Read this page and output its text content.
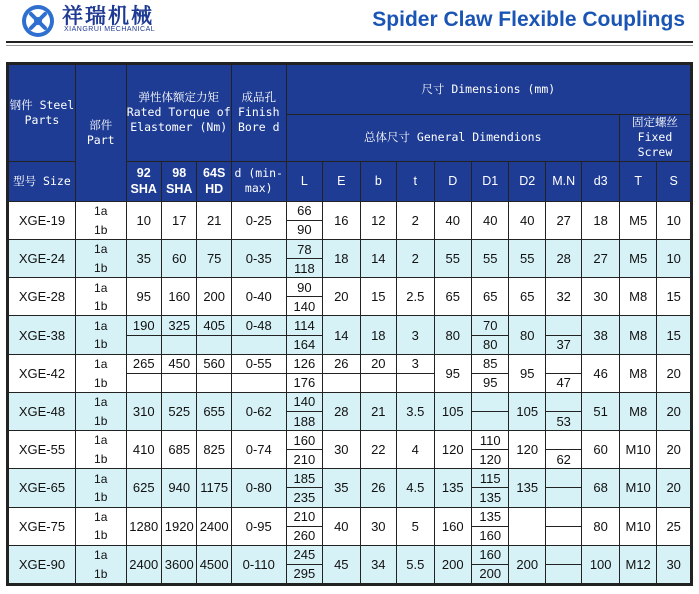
祥瑞机械
XIANGRUI MECHANICAL	Spider Claw Flexible Couplings
钢件 Steel Parts	部件 Part	弹性体额定力矩 Rated Torque of Elastomer (Nm)			成品孔 Finish Bore d	尺寸 Dimensions (mm)										
						总体尺寸 General Dimendions									固定螺丝 Fixed Screw	
型号 Size		92 SHA	98 SHA	64S HD	d (min-max)	L	E	b	t	D	D1	D2	M.N	d3	T	S
XGE-19	1a	10	17	21	0-25	66	16	12	2	40	40	40	27	18	M5	10
	1b					90										
XGE-24	1a	35	60	75	0-35	78	18	14	2	55	55	55	28	27	M5	10
	1b					118										
XGE-28	1a	95	160	200	0-40	90	20	15	2.5	65	65	65	32	30	M8	15
	1b					140										
XGE-38	1a	190	325	405	0-48	114	14	18	3	80	70	80		38	M8	15
	1b					164					80		37			
XGE-42	1a	265	450	560	0-55	126	26	20	3	95	85	95		46	M8	20
	1b					176					95		47			
XGE-48	1a	310	525	655	0-62	140	28	21	3.5	105		105		51	M8	20
	1b					188							53			
XGE-55	1a	410	685	825	0-74	160	30	22	4	120	110	120		60	M10	20
	1b					210					120		62			
XGE-65	1a	625	940	1175	0-80	185	35	26	4.5	135	115	135		68	M10	20
	1b					235					135					
XGE-75	1a	1280	1920	2400	0-95	210	40	30	5	160	135			80	M10	25
	1b					260					160					
XGE-90	1a	2400	3600	4500	0-110	245	45	34	5.5	200	160	200		100	M12	30
	1b					295					200					
